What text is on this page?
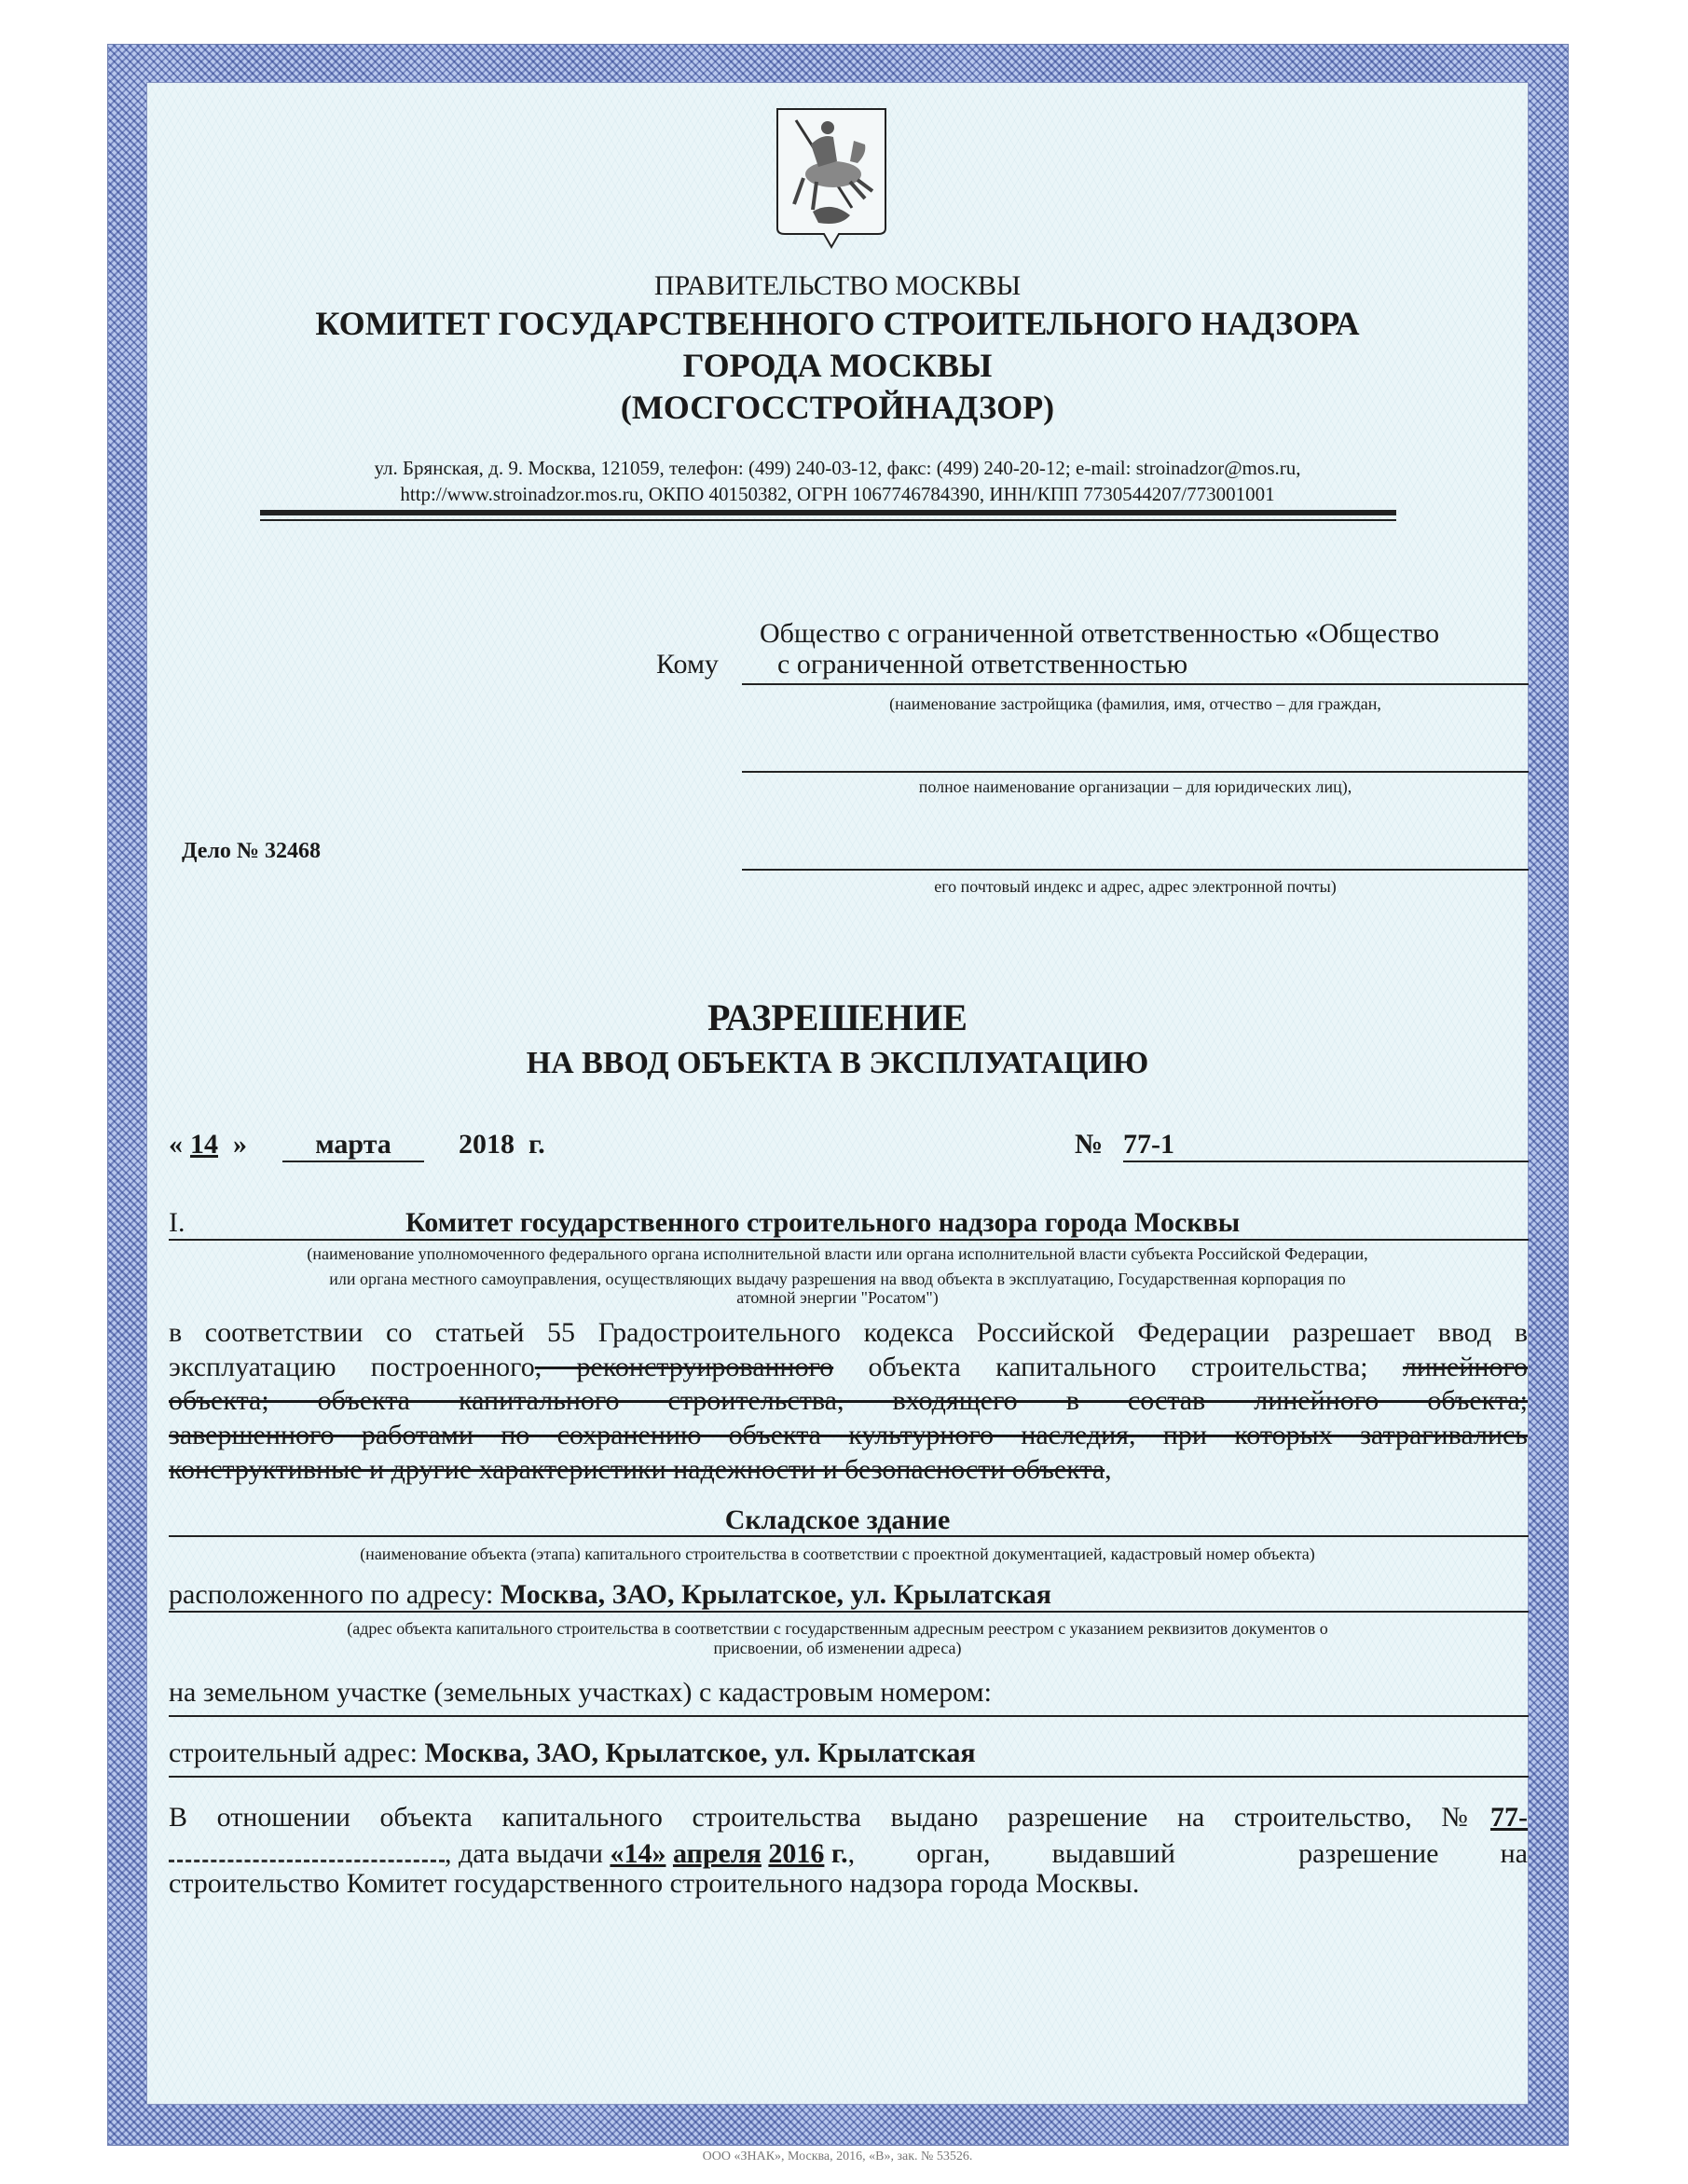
ПРАВИТЕЛЬСТВО МОСКВЫ
КОМИТЕТ ГОСУДАРСТВЕННОГО СТРОИТЕЛЬНОГО НАДЗОРА
ГОРОДА МОСКВЫ
(МОСГОССТРОЙНАДЗОР)
ул. Брянская, д. 9. Москва, 121059, телефон: (499) 240-03-12, факс: (499) 240-20-12; e-mail: stroinadzor@mos.ru,
http://www.stroinadzor.mos.ru, ОКПО 40150382, ОГРН 1067746784390, ИНН/КПП 7730544207/773001001
Общество с ограниченной ответственностью «Общество
Кому с ограниченной ответственностью
(наименование застройщика (фамилия, имя, отчество – для граждан,
полное наименование организации – для юридических лиц),
Дело № 32468
его почтовый индекс и адрес, адрес электронной почты)
РАЗРЕШЕНИЕ
НА ВВОД ОБЪЕКТА В ЭКСПЛУАТАЦИЮ
« 14 »	марта	2018  г.	№ 77-1
I.	Комитет государственного строительного надзора города Москвы
(наименование уполномоченного федерального органа исполнительной власти или органа исполнительной власти субъекта Российской Федерации,
или органа местного самоуправления, осуществляющих выдачу разрешения на ввод объекта в эксплуатацию, Государственная корпорация по
атомной энергии "Росатом")
в соответствии со статьей 55 Градостроительного кодекса Российской Федерации разрешает ввод в
эксплуатацию построенного, реконструированного объекта капитального строительства; линейного
объекта; объекта капитального строительства, входящего в состав линейного объекта;
завершенного работами по сохранению объекта культурного наследия, при которых затрагивались
конструктивные и другие характеристики надежности и безопасности объекта,
Складское здание
(наименование объекта (этапа) капитального строительства в соответствии с проектной документацией, кадастровый номер объекта)
расположенного по адресу: Москва, ЗАО, Крылатское, ул. Крылатская
(адрес объекта капитального строительства в соответствии с государственным адресным реестром с указанием реквизитов документов о
присвоении, об изменении адреса)
на земельном участке (земельных участках) с кадастровым номером:
строительный адрес: Москва, ЗАО, Крылатское, ул. Крылатская
В отношении объекта капитального строительства выдано разрешение на строительство, №77-
, дата выдачи «14»
апреля
2016 г. , орган, выдавший  разрешение на
строительство Комитет государственного строительного надзора города Москвы.
ООО «ЗНАК», Москва, 2016, «В», зак. № 53526.
